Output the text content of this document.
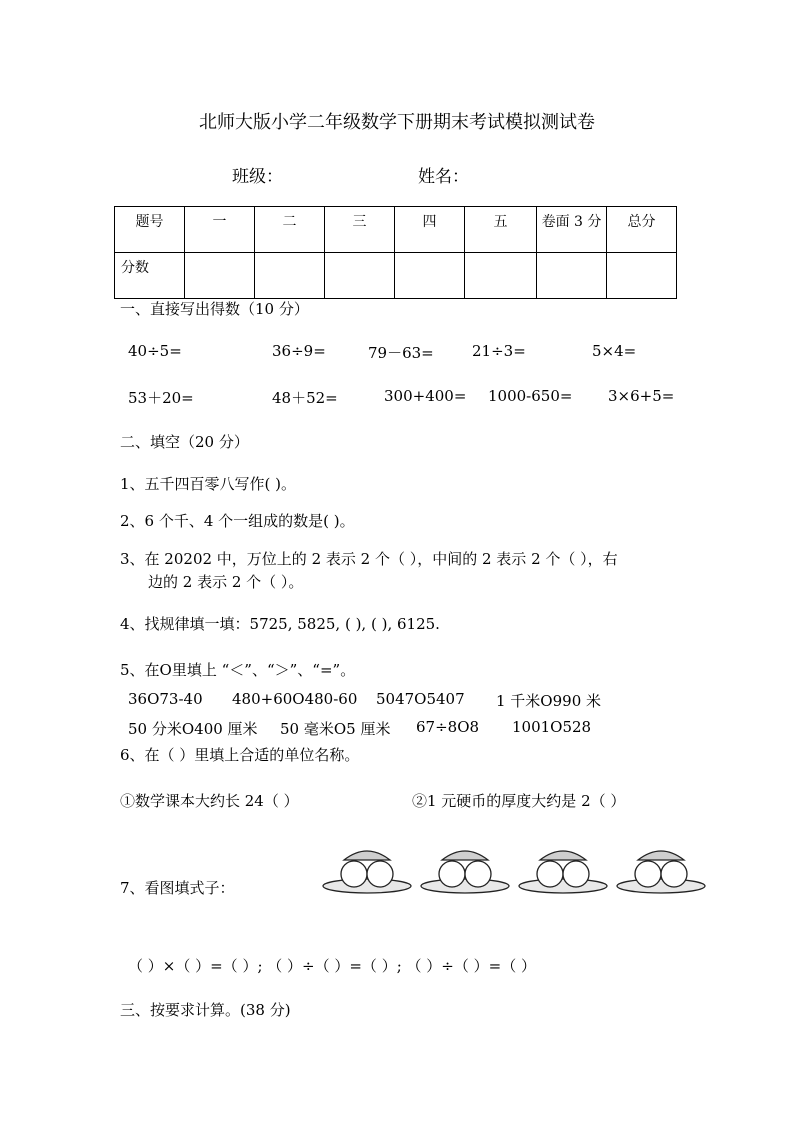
北师大版小学二年级数学下册期末考试模拟测试卷
班级：	姓名：
题号	一	二	三	四	五	卷面 3 分	总分
分数							
一、直接写出得数（10 分）
40÷5=	36÷9=	79－63=	21÷3=	5×4=
53＋20=	48＋52=	300+400= 1000-650= 3×6+5=
二、填空（20 分）
1、五千四百零八写作( )。
2、6 个千、4 个一组成的数是( )。
3、在 20202 中，万位上的 2 表示 2 个（ ），中间的 2 表示 2 个（ ），右
边的 2 表示 2 个（ ）。
4、找规律填一填：5725, 5825, ( ), ( ), 6125.
5、在O里填上 “＜”、“＞”、“=”。
36O73-40 480+60O480-60 5047O5407 1 千米O990 米
50 分米O400 厘米 50 毫米O5 厘米 67÷8O8 1001O528
6、在（ ）里填上合适的单位名称。
①数学课本大约长 24（ ）	②1 元硬币的厚度大约是 2（ ）
7、看图填式子：
（ ）×（ ）=（ ）; （ ）÷（ ）=（ ）; （ ）÷（ ）=（ ）
三、按要求计算。(38 分)
